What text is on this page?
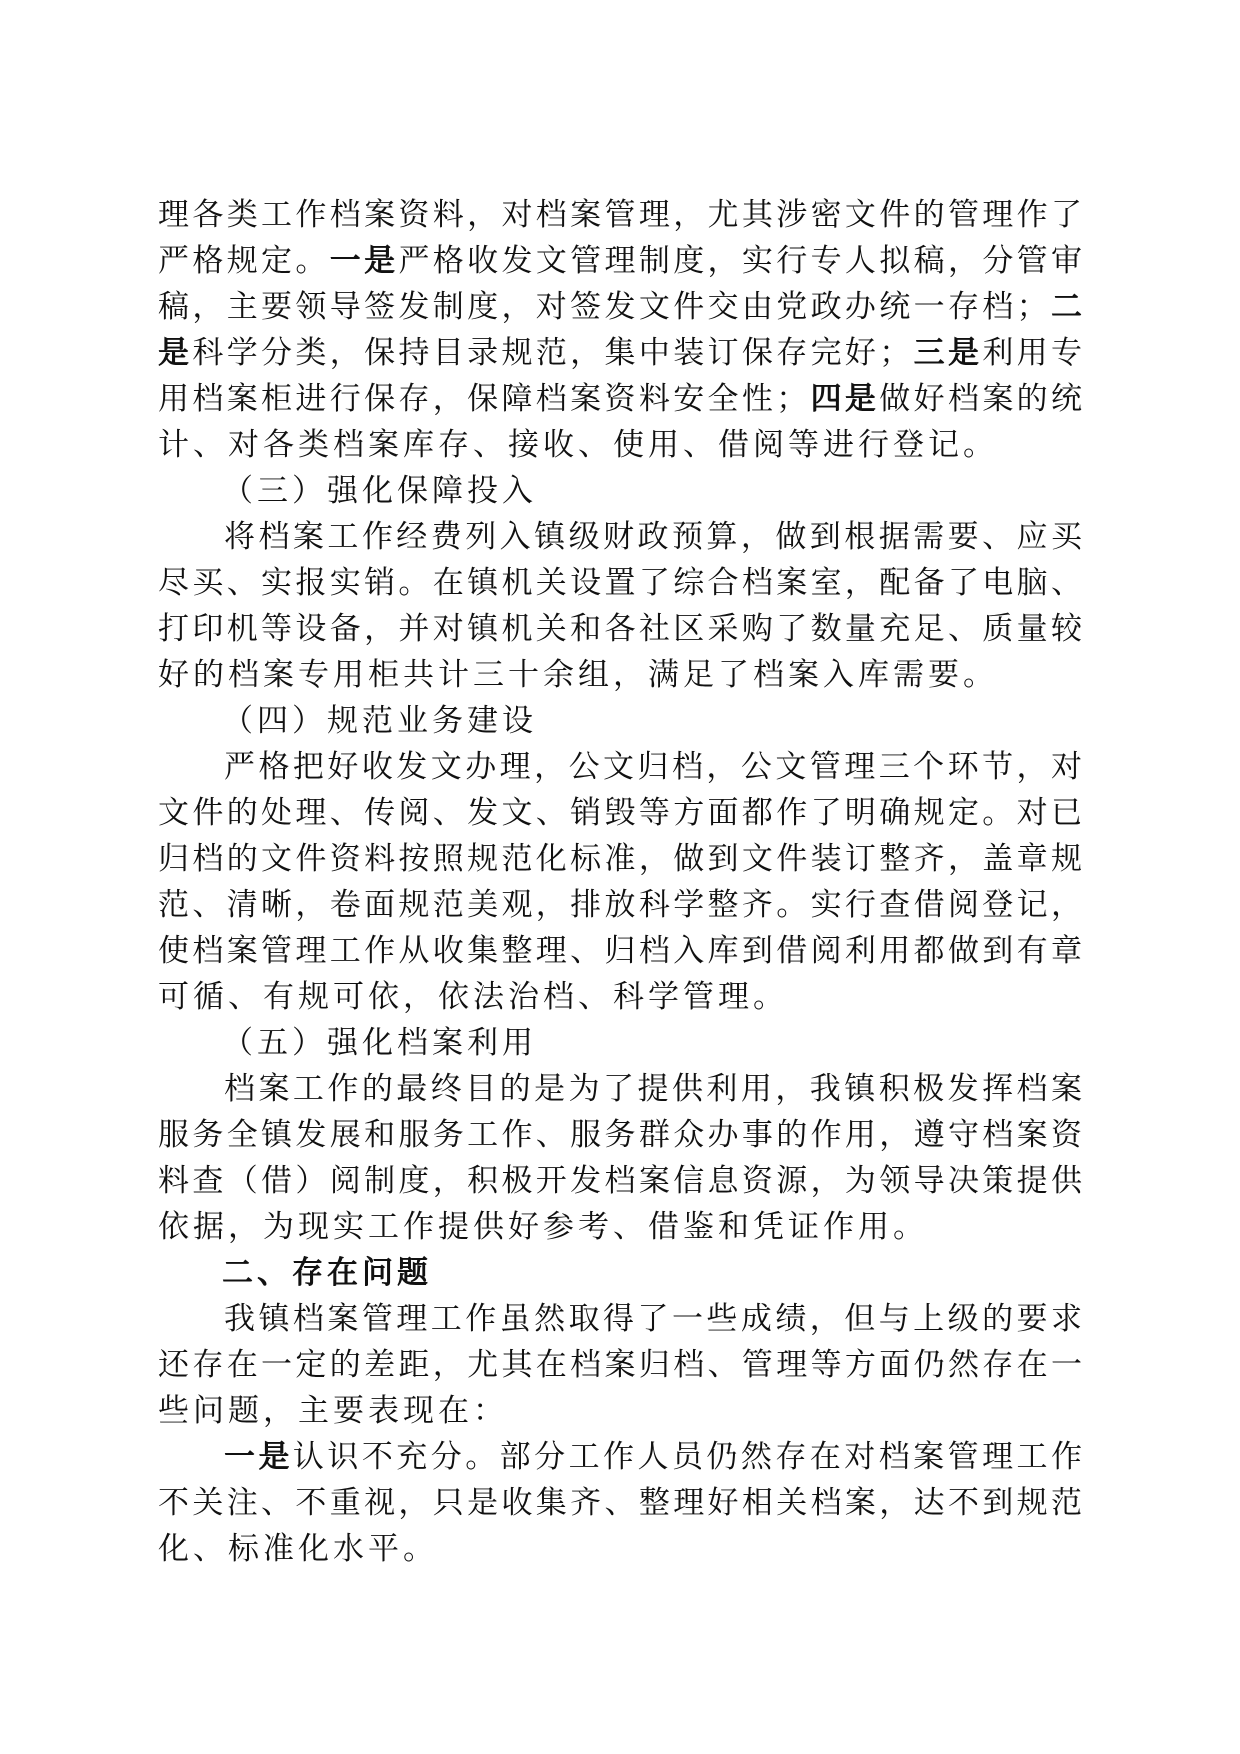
理各类工作档案资料，对档案管理，尤其涉密文件的管理作了
严格规定。一是严格收发文管理制度，实行专人拟稿，分管审
稿，主要领导签发制度，对签发文件交由党政办统一存档；二
是科学分类，保持目录规范，集中装订保存完好；三是利用专
用档案柜进行保存，保障档案资料安全性；四是做好档案的统
计、对各类档案库存、接收、使用、借阅等进行登记。
（三）强化保障投入
将档案工作经费列入镇级财政预算，做到根据需要、应买
尽买、实报实销。在镇机关设置了综合档案室，配备了电脑、
打印机等设备，并对镇机关和各社区采购了数量充足、质量较
好的档案专用柜共计三十余组，满足了档案入库需要。
（四）规范业务建设
严格把好收发文办理，公文归档，公文管理三个环节，对
文件的处理、传阅、发文、销毁等方面都作了明确规定。对已
归档的文件资料按照规范化标准，做到文件装订整齐，盖章规
范、清晰，卷面规范美观，排放科学整齐。实行查借阅登记，
使档案管理工作从收集整理、归档入库到借阅利用都做到有章
可循、有规可依，依法治档、科学管理。
（五）强化档案利用
档案工作的最终目的是为了提供利用，我镇积极发挥档案
服务全镇发展和服务工作、服务群众办事的作用，遵守档案资
料查（借）阅制度，积极开发档案信息资源，为领导决策提供
依据，为现实工作提供好参考、借鉴和凭证作用。
二、存在问题
我镇档案管理工作虽然取得了一些成绩，但与上级的要求
还存在一定的差距，尤其在档案归档、管理等方面仍然存在一
些问题，主要表现在：
一是认识不充分。部分工作人员仍然存在对档案管理工作
不关注、不重视，只是收集齐、整理好相关档案，达不到规范
化、标准化水平。
